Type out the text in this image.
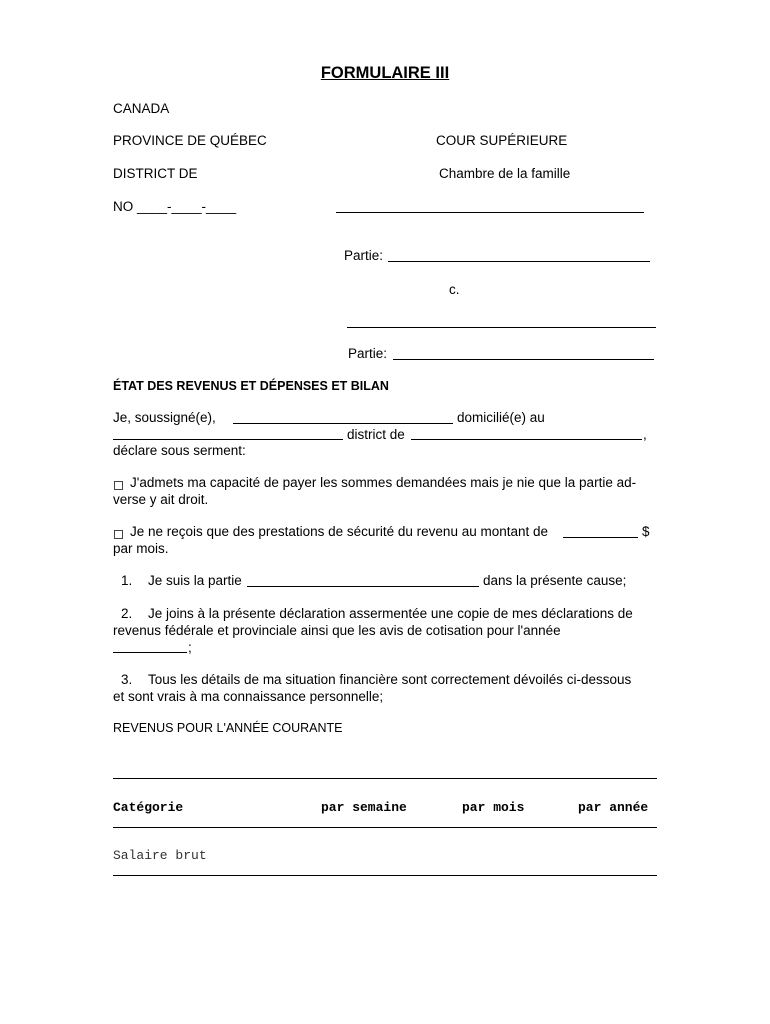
FORMULAIRE III
CANADA
PROVINCE DE QUÉBEC	COUR SUPÉRIEURE
DISTRICT DE	Chambre de la famille
NO ____-____-____
Partie:
c.
Partie:
ÉTAT DES REVENUS ET DÉPENSES ET BILAN
Je, soussigné(e),	domicilié(e) au
district de	,
déclare sous serment:
J'admets ma capacité de payer les sommes demandées mais je nie que la partie ad-
verse y ait droit.
Je ne reçois que des prestations de sécurité du revenu au montant de	$
par mois.
1. Je suis la partie	dans la présente cause;
2. Je joins à la présente déclaration assermentée une copie de mes déclarations de
revenus fédérale et provinciale ainsi que les avis de cotisation pour l'année
;
3. Tous les détails de ma situation financière sont correctement dévoilés ci-dessous
et sont vrais à ma connaissance personnelle;
REVENUS POUR L'ANNÉE COURANTE
Catégorie	par semaine	par mois	par année
Salaire brut
